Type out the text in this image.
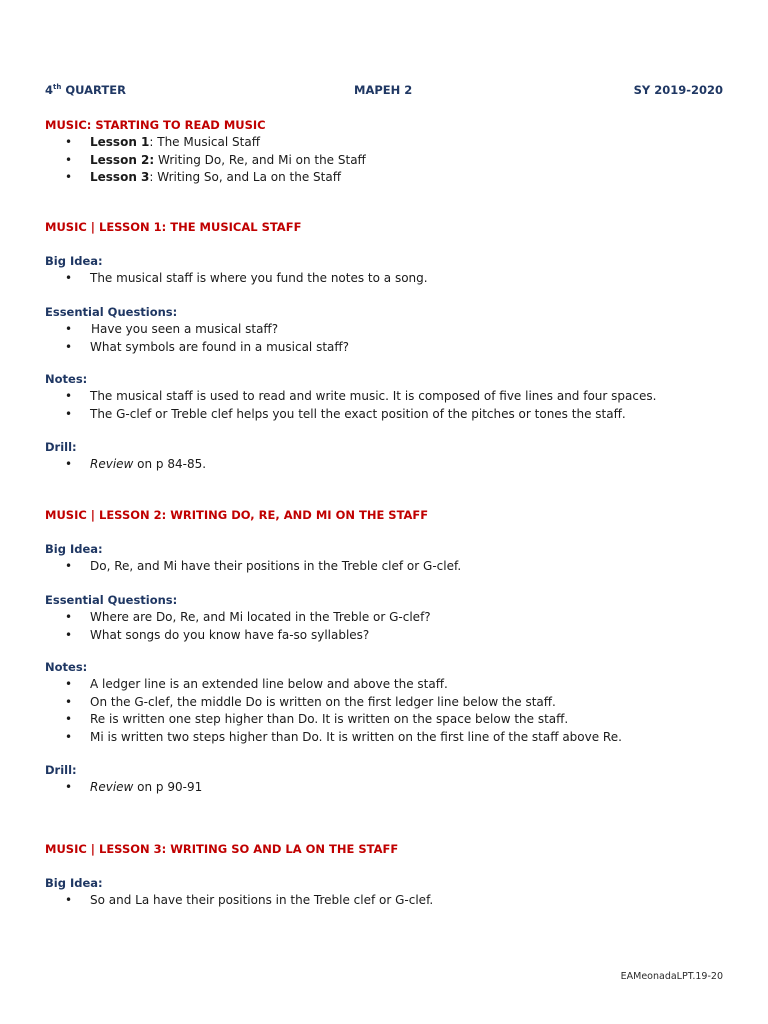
4th QUARTER	MAPEH 2	SY 2019-2020
MUSIC: STARTING TO READ MUSIC
• Lesson 1: The Musical Staff
• Lesson 2: Writing Do, Re, and Mi on the Staff
• Lesson 3: Writing So, and La on the Staff
MUSIC | LESSON 1: THE MUSICAL STAFF
Big Idea:
• The musical staff is where you fund the notes to a song.
Essential Questions:
• Have you seen a musical staff?
• What symbols are found in a musical staff?
Notes:
• The musical staff is used to read and write music. It is composed of five lines and four spaces.
• The G-clef or Treble clef helps you tell the exact position of the pitches or tones the staff.
Drill:
• Review on p 84-85.
MUSIC | LESSON 2: WRITING DO, RE, AND MI ON THE STAFF
Big Idea:
• Do, Re, and Mi have their positions in the Treble clef or G-clef.
Essential Questions:
• Where are Do, Re, and Mi located in the Treble or G-clef?
• What songs do you know have fa-so syllables?
Notes:
• A ledger line is an extended line below and above the staff.
• On the G-clef, the middle Do is written on the first ledger line below the staff.
• Re is written one step higher than Do. It is written on the space below the staff.
• Mi is written two steps higher than Do. It is written on the first line of the staff above Re.
Drill:
• Review on p 90-91
MUSIC | LESSON 3: WRITING SO AND LA ON THE STAFF
Big Idea:
• So and La have their positions in the Treble clef or G-clef.
EAMeonadaLPT.19-20
